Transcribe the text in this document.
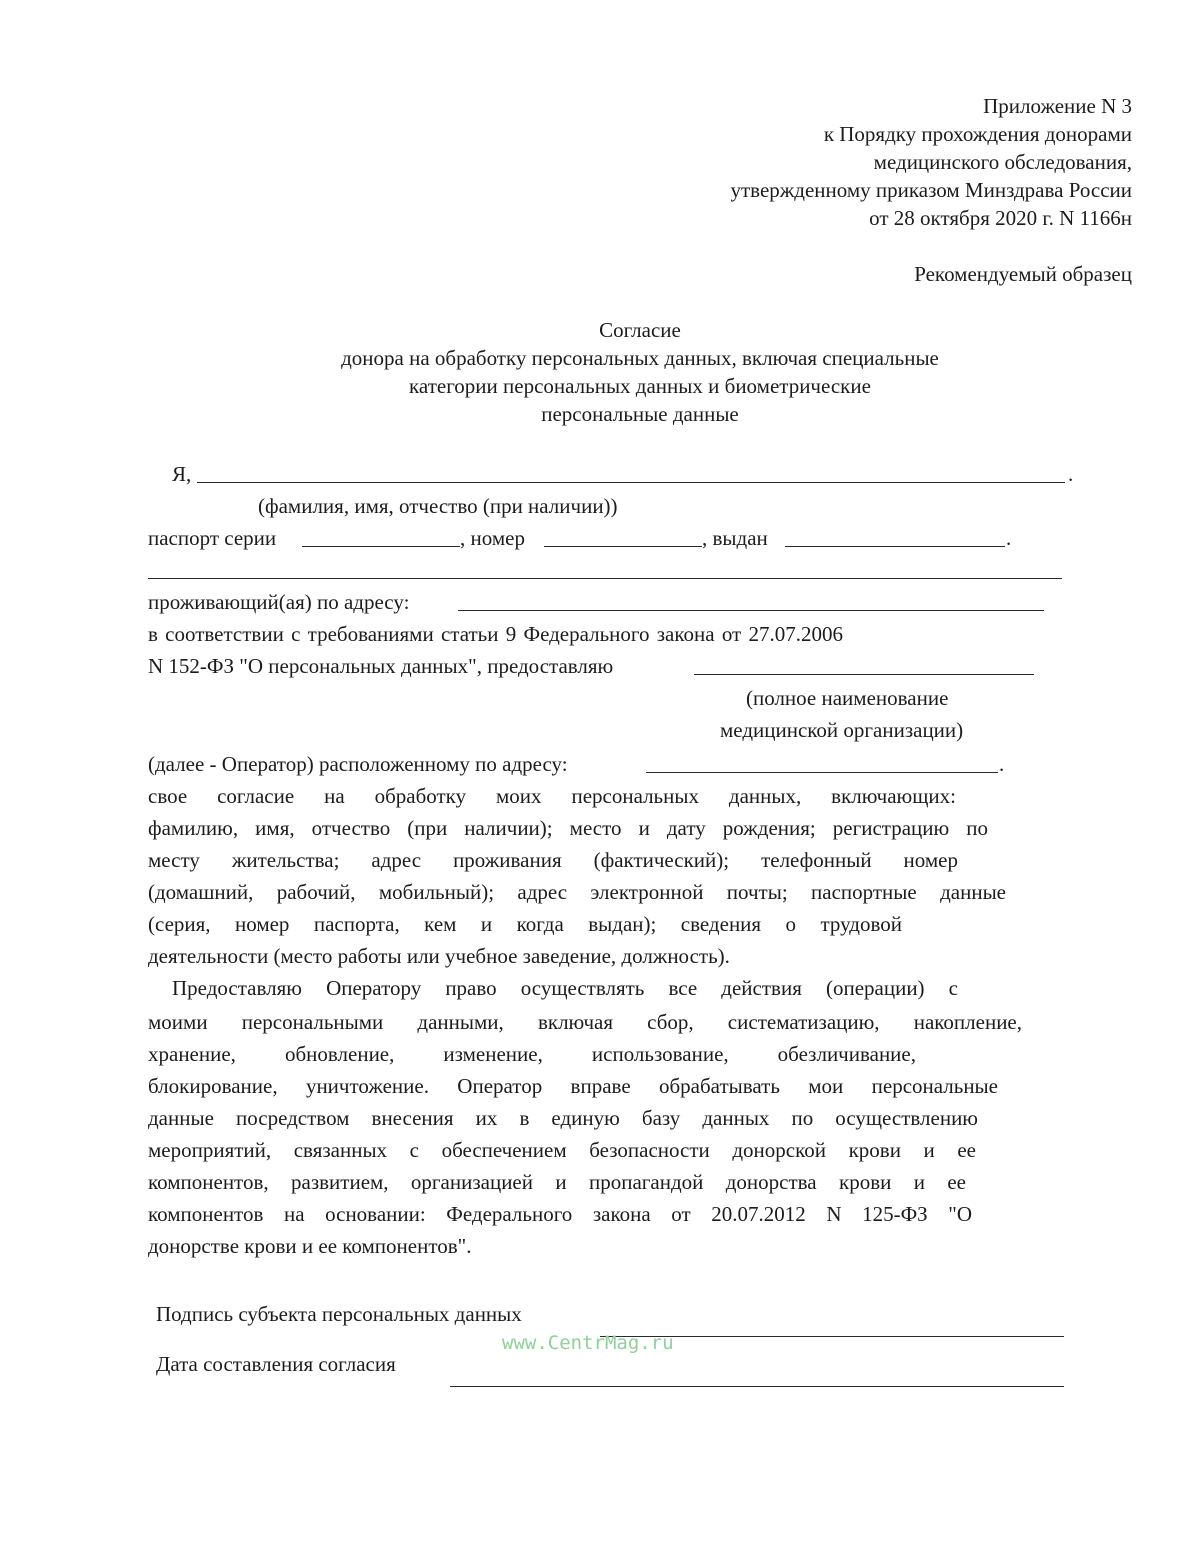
Приложение N 3
к Порядку прохождения донорами
медицинского обследования,
утвержденному приказом Минздрава России
от 28 октября 2020 г. N 1166н
Рекомендуемый образец
Согласие
донора на обработку персональных данных, включая специальные
категории персональных данных и биометрические
персональные данные
Я,	.
(фамилия, имя, отчество (при наличии))
паспорт серии	, номер	, выдан	.
проживающий(ая) по адресу:
в соответствии с требованиями статьи 9 Федерального закона от 27.07.2006
N 152-ФЗ "О персональных данных", предоставляю
(полное наименование
медицинской организации)
(далее - Оператор) расположенному по адресу:	.
свое согласие на обработку моих персональных данных, включающих:
фамилию, имя, отчество (при наличии); место и дату рождения; регистрацию по
месту жительства; адрес проживания (фактический); телефонный номер
(домашний, рабочий, мобильный); адрес электронной почты; паспортные данные
(серия, номер паспорта, кем и когда выдан); сведения о трудовой
деятельности (место работы или учебное заведение, должность).
Предоставляю Оператору право осуществлять все действия (операции) с
моими персональными данными, включая сбор, систематизацию, накопление,
хранение, обновление, изменение, использование, обезличивание,
блокирование, уничтожение. Оператор вправе обрабатывать мои персональные
данные посредством внесения их в единую базу данных по осуществлению
мероприятий, связанных с обеспечением безопасности донорской крови и ее
компонентов, развитием, организацией и пропагандой донорства крови и ее
компонентов на основании: Федерального закона от 20.07.2012 N 125-ФЗ "О
донорстве крови и ее компонентов".
Подпись субъекта персональных данных
www.CentrMag.ru
Дата составления согласия
